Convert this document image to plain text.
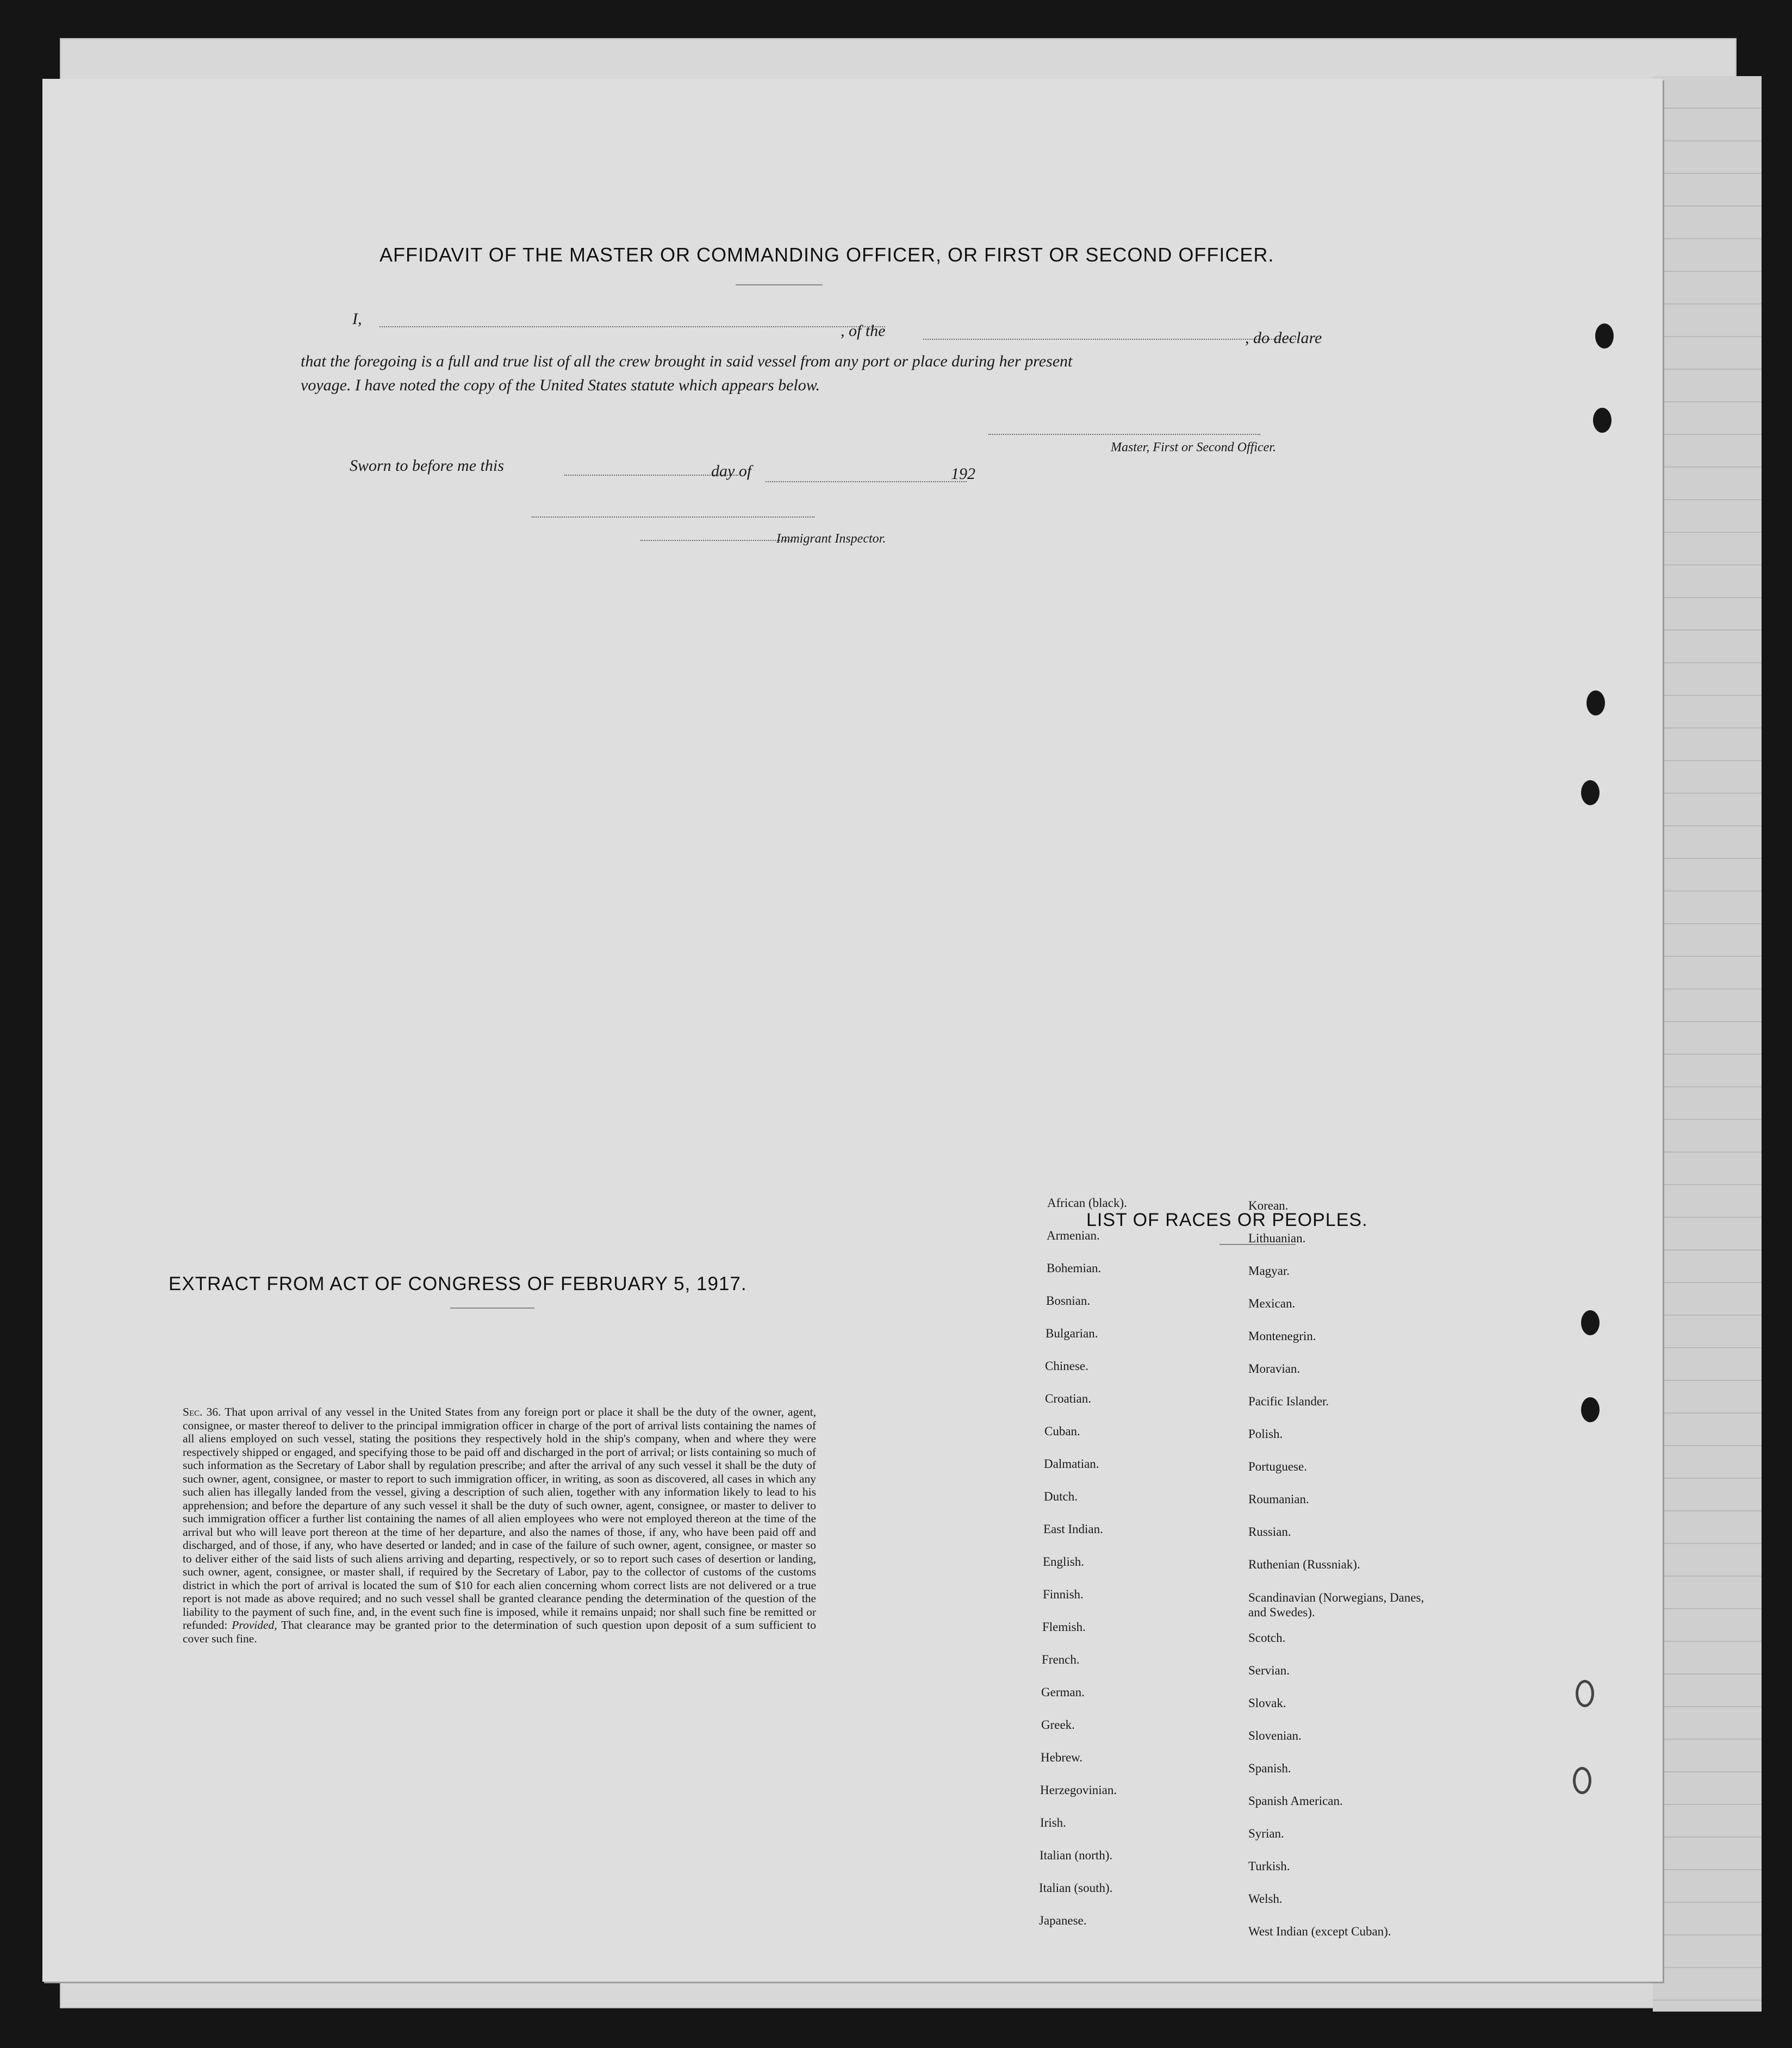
AFFIDAVIT OF THE MASTER OR COMMANDING OFFICER, OR FIRST OR SECOND OFFICER.
I,
, of the	, do declare
that the foregoing is a full and true list of all the crew brought in said vessel from any port or place during her present
voyage. I have noted the copy of the United States statute which appears below.
Master, First or Second Officer.
Sworn to before me this	day of	192
Immigrant Inspector.
EXTRACT FROM ACT OF CONGRESS OF FEBRUARY 5, 1917.
Sec. 36. That upon arrival of any vessel in the United States from any foreign port or place it shall be the duty of the owner, agent, consignee, or master thereof to deliver to the principal immigration officer in charge of the port of arrival lists containing the names of all aliens employed on such vessel, stating the positions they respectively hold in the ship's company, when and where they were respectively shipped or engaged, and specifying those to be paid off and discharged in the port of arrival; or lists containing so much of such information as the Secretary of Labor shall by regulation prescribe; and after the arrival of any such vessel it shall be the duty of such owner, agent, consignee, or master to report to such immigration officer, in writing, as soon as discovered, all cases in which any such alien has illegally landed from the vessel, giving a description of such alien, together with any information likely to lead to his apprehension; and before the departure of any such vessel it shall be the duty of such owner, agent, consignee, or master to deliver to such immigration officer a further list containing the names of all alien employees who were not employed thereon at the time of the arrival but who will leave port thereon at the time of her departure, and also the names of those, if any, who have been paid off and discharged, and of those, if any, who have deserted or landed; and in case of the failure of such owner, agent, consignee, or master so to deliver either of the said lists of such aliens arriving and departing, respectively, or so to report such cases of desertion or landing, such owner, agent, consignee, or master shall, if required by the Secretary of Labor, pay to the collector of customs of the customs district in which the port of arrival is located the sum of $10 for each alien concerning whom correct lists are not delivered or a true report is not made as above required; and no such vessel shall be granted clearance pending the determination of the question of the liability to the payment of such fine, and, in the event such fine is imposed, while it remains unpaid; nor shall such fine be remitted or refunded: Provided, That clearance may be granted prior to the determination of such question upon deposit of a sum sufficient to cover such fine.
LIST OF RACES OR PEOPLES.
African (black).
Armenian.
Bohemian.
Bosnian.
Bulgarian.
Chinese.
Croatian.
Cuban.
Dalmatian.
Dutch.
East Indian.
English.
Finnish.
Flemish.
French.
German.
Greek.
Hebrew.
Herzegovinian.
Irish.
Italian (north).
Italian (south).
Japanese.
Korean.
Lithuanian.
Magyar.
Mexican.
Montenegrin.
Moravian.
Pacific Islander.
Polish.
Portuguese.
Roumanian.
Russian.
Ruthenian (Russniak).
Scandinavian (Norwegians, Danes, and Swedes).
Scotch.
Servian.
Slovak.
Slovenian.
Spanish.
Spanish American.
Syrian.
Turkish.
Welsh.
West Indian (except Cuban).
